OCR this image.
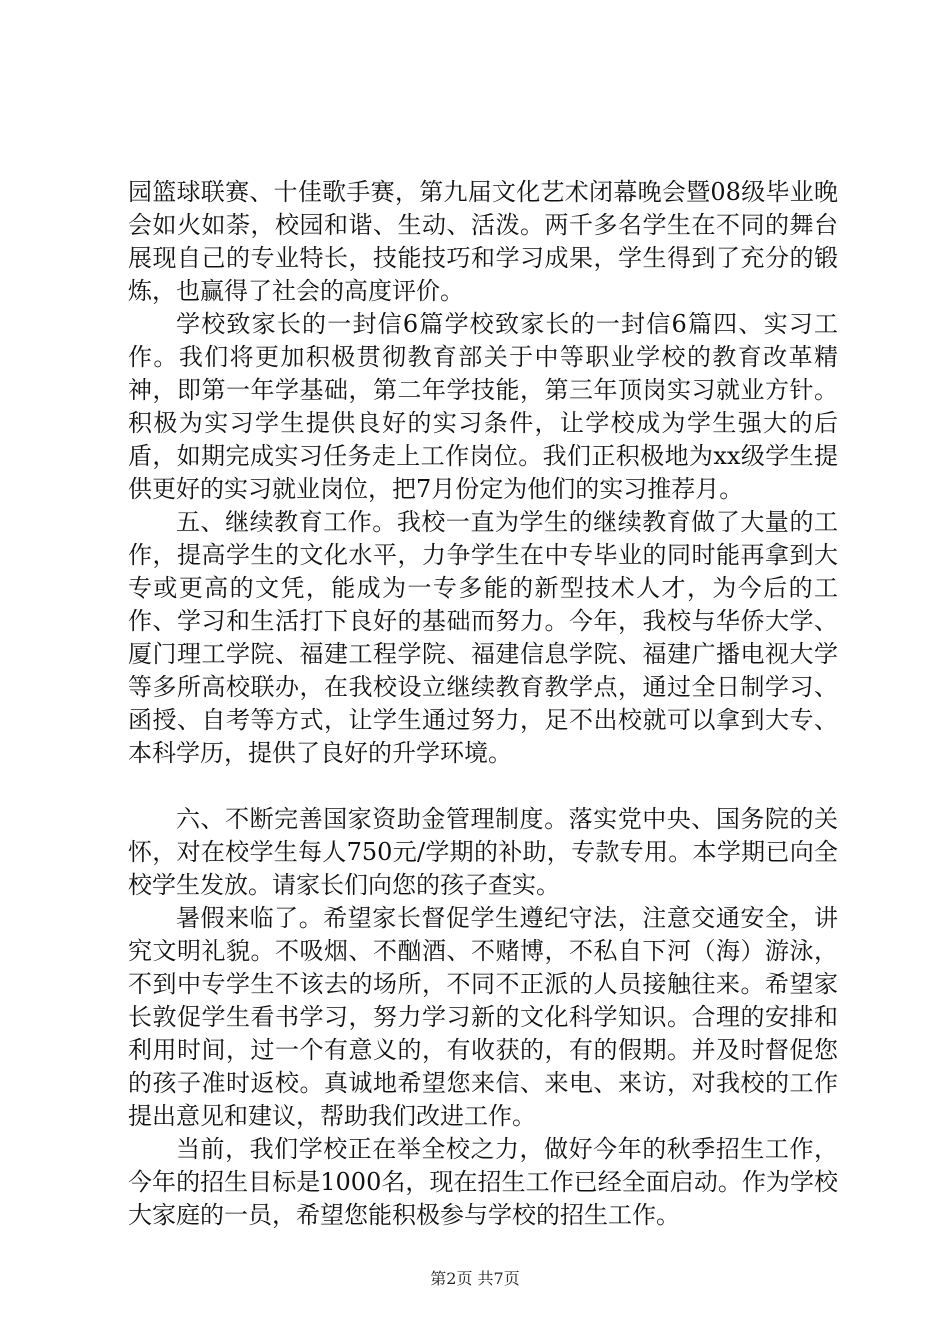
园篮球联赛、十佳歌手赛，第九届文化艺术闭幕晚会暨08级毕业晚会如火如荼，校园和谐、生动、活泼。两千多名学生在不同的舞台展现自己的专业特长，技能技巧和学习成果，学生得到了充分的锻炼，也赢得了社会的高度评价。

学校致家长的一封信6篇学校致家长的一封信6篇四、实习工作。我们将更加积极贯彻教育部关于中等职业学校的教育改革精神，即第一年学基础，第二年学技能，第三年顶岗实习就业方针。积极为实习学生提供良好的实习条件，让学校成为学生强大的后盾，如期完成实习任务走上工作岗位。我们正积极地为xx级学生提供更好的实习就业岗位，把7月份定为他们的实习推荐月。

五、继续教育工作。我校一直为学生的继续教育做了大量的工作，提高学生的文化水平，力争学生在中专毕业的同时能再拿到大专或更高的文凭，能成为一专多能的新型技术人才，为今后的工作、学习和生活打下良好的基础而努力。今年，我校与华侨大学、厦门理工学院、福建工程学院、福建信息学院、福建广播电视大学等多所高校联办，在我校设立继续教育教学点，通过全日制学习、函授、自考等方式，让学生通过努力，足不出校就可以拿到大专、本科学历，提供了良好的升学环境。

六、不断完善国家资助金管理制度。落实党中央、国务院的关怀，对在校学生每人750元/学期的补助，专款专用。本学期已向全校学生发放。请家长们向您的孩子查实。

暑假来临了。希望家长督促学生遵纪守法，注意交通安全，讲究文明礼貌。不吸烟、不酗酒、不赌博，不私自下河（海）游泳，不到中专学生不该去的场所，不同不正派的人员接触往来。希望家长敦促学生看书学习，努力学习新的文化科学知识。合理的安排和利用时间，过一个有意义的，有收获的，有的假期。并及时督促您的孩子准时返校。真诚地希望您来信、来电、来访，对我校的工作提出意见和建议，帮助我们改进工作。

当前，我们学校正在举全校之力，做好今年的秋季招生工作，今年的招生目标是1000名，现在招生工作已经全面启动。作为学校大家庭的一员，希望您能积极参与学校的招生工作。

第2页 共7页
